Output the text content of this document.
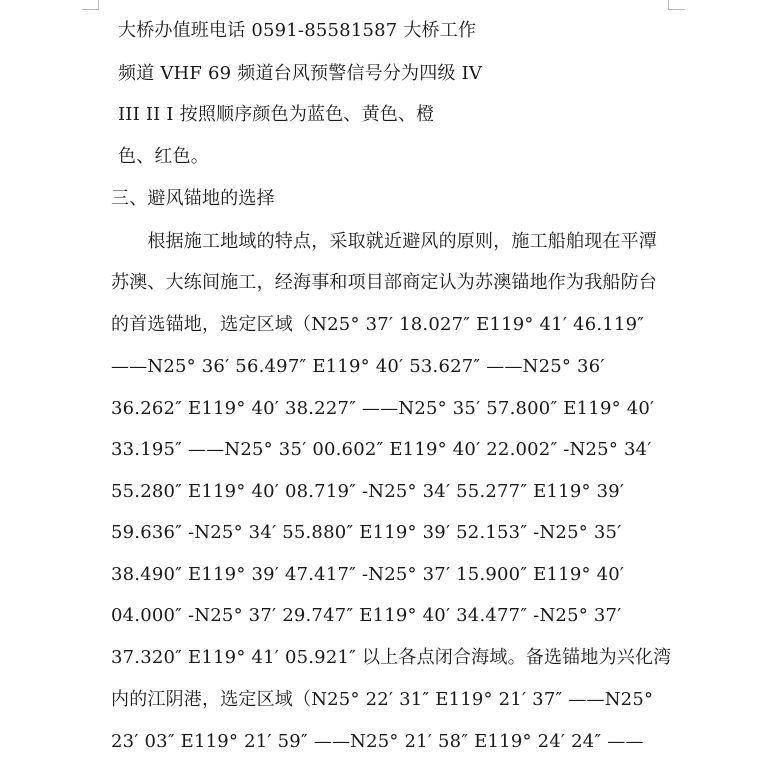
大桥办值班电话 0591-85581587 大桥工作
频道 VHF 69 频道台风预警信号分为四级 IV
III II I 按照顺序颜色为蓝色、黄色、橙
色、红色。
三、避风锚地的选择
　　根据施工地域的特点，采取就近避风的原则，施工船舶现在平潭
苏澳、大练间施工，经海事和项目部商定认为苏澳锚地作为我船防台
的首选锚地，选定区域（N25° 37′ 18.027″ E119° 41′ 46.119″
——N25° 36′ 56.497″ E119° 40′ 53.627″ ——N25° 36′
36.262″ E119° 40′ 38.227″ ——N25° 35′ 57.800″ E119° 40′
33.195″ ——N25° 35′ 00.602″ E119° 40′ 22.002″ -N25° 34′
55.280″ E119° 40′ 08.719″ -N25° 34′ 55.277″ E119° 39′
59.636″ -N25° 34′ 55.880″ E119° 39′ 52.153″ -N25° 35′
38.490″ E119° 39′ 47.417″ -N25° 37′ 15.900″ E119° 40′
04.000″ -N25° 37′ 29.747″ E119° 40′ 34.477″ -N25° 37′
37.320″ E119° 41′ 05.921″ 以上各点闭合海域。备选锚地为兴化湾
内的江阴港，选定区域（N25° 22′ 31″ E119° 21′ 37″ ——N25°
23′ 03″ E119° 21′ 59″ ——N25° 21′ 58″ E119° 24′ 24″ ——
